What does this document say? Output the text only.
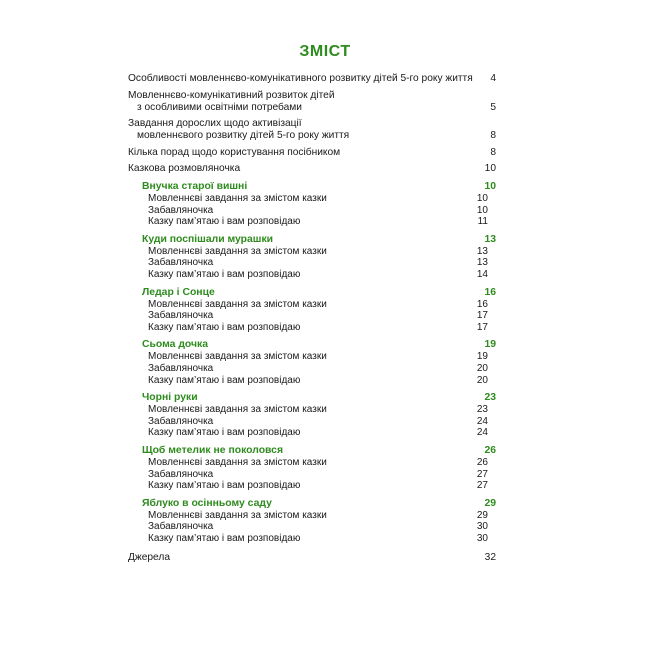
ЗМІСТ
Особливості мовленнєво-комунікативного розвитку дітей 5-го року життя	4
Мовленнєво-комунікативний розвиток дітей
з особливими освітніми потребами	5
Завдання дорослих щодо активізації
мовленнєвого розвитку дітей 5-го року життя	8
Кілька порад щодо користування посібником	8
Казкова розмовляночка	10
Внучка старої вишні	10
Мовленнєві завдання за змістом казки	10
Забавляночка	10
Казку пам’ятаю і вам розповідаю	11
Куди поспішали мурашки	13
Мовленнєві завдання за змістом казки	13
Забавляночка	13
Казку пам’ятаю і вам розповідаю	14
Ледар і Сонце	16
Мовленнєві завдання за змістом казки	16
Забавляночка	17
Казку пам’ятаю і вам розповідаю	17
Сьома дочка	19
Мовленнєві завдання за змістом казки	19
Забавляночка	20
Казку пам’ятаю і вам розповідаю	20
Чорні руки	23
Мовленнєві завдання за змістом казки	23
Забавляночка	24
Казку пам’ятаю і вам розповідаю	24
Щоб метелик не поколовся	26
Мовленнєві завдання за змістом казки	26
Забавляночка	27
Казку пам’ятаю і вам розповідаю	27
Яблуко в осінньому саду	29
Мовленнєві завдання за змістом казки	29
Забавляночка	30
Казку пам’ятаю і вам розповідаю	30
Джерела	32
